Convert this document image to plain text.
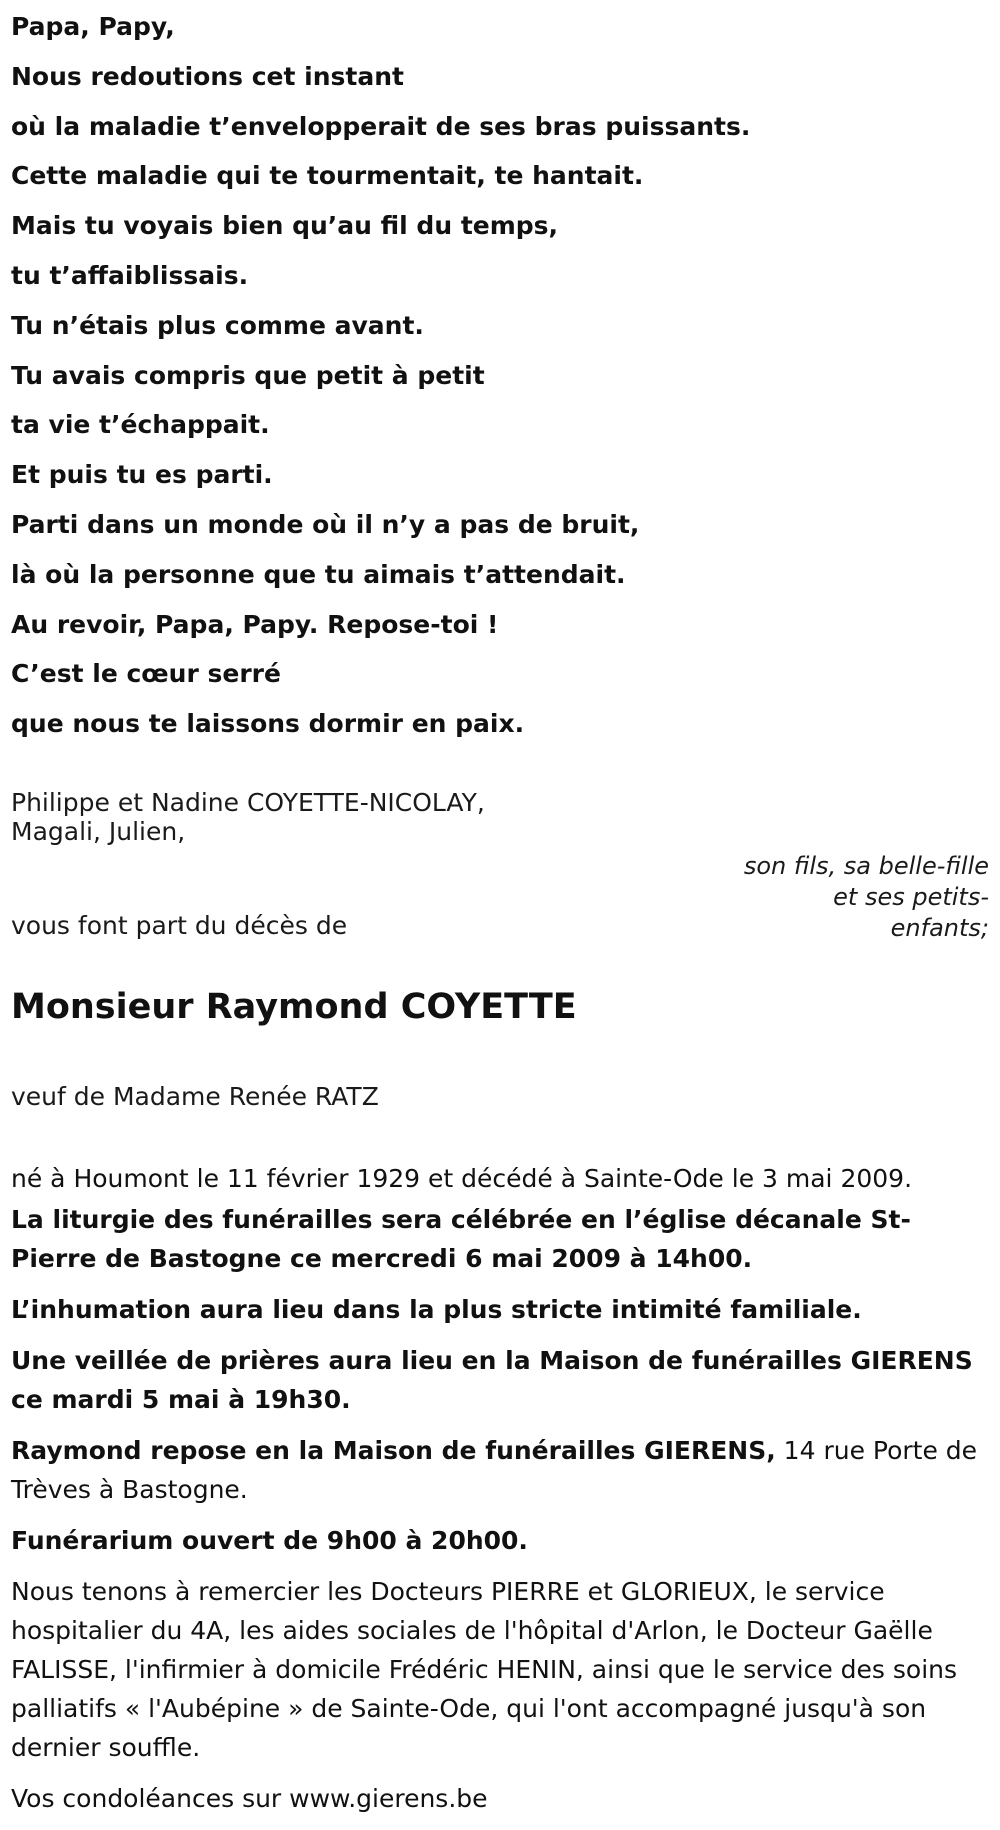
Papa, Papy,
Nous redoutions cet instant
où la maladie t’envelopperait de ses bras puissants.
Cette maladie qui te tourmentait, te hantait.
Mais tu voyais bien qu’au fil du temps,
tu t’affaiblissais.
Tu n’étais plus comme avant.
Tu avais compris que petit à petit
ta vie t’échappait.
Et puis tu es parti.
Parti dans un monde où il n’y a pas de bruit,
là où la personne que tu aimais t’attendait.
Au revoir, Papa, Papy. Repose-toi !
C’est le cœur serré
que nous te laissons dormir en paix.
Philippe et Nadine COYETTE-NICOLAY,
Magali, Julien,
son fils, sa belle-fille
et ses petits-
enfants;
vous font part du décès de
Monsieur Raymond COYETTE
veuf de Madame Renée RATZ
né à Houmont le 11 février 1929 et décédé à Sainte-Ode le 3 mai 2009.
La liturgie des funérailles sera célébrée en l’église décanale St-Pierre de Bastogne ce mercredi 6 mai 2009 à 14h00.
L’inhumation aura lieu dans la plus stricte intimité familiale.
Une veillée de prières aura lieu en la Maison de funérailles GIERENS ce mardi 5 mai à 19h30.
Raymond repose en la Maison de funérailles GIERENS, 14 rue Porte de Trèves à Bastogne.
Funérarium ouvert de 9h00 à 20h00.
Nous tenons à remercier les Docteurs PIERRE et GLORIEUX, le service hospitalier du 4A, les aides sociales de l'hôpital d'Arlon, le Docteur Gaëlle FALISSE, l'infirmier à domicile Frédéric HENIN, ainsi que le service des soins palliatifs « l'Aubépine » de Sainte-Ode, qui l'ont accompagné jusqu'à son dernier souffle.
Vos condoléances sur www.gierens.be
